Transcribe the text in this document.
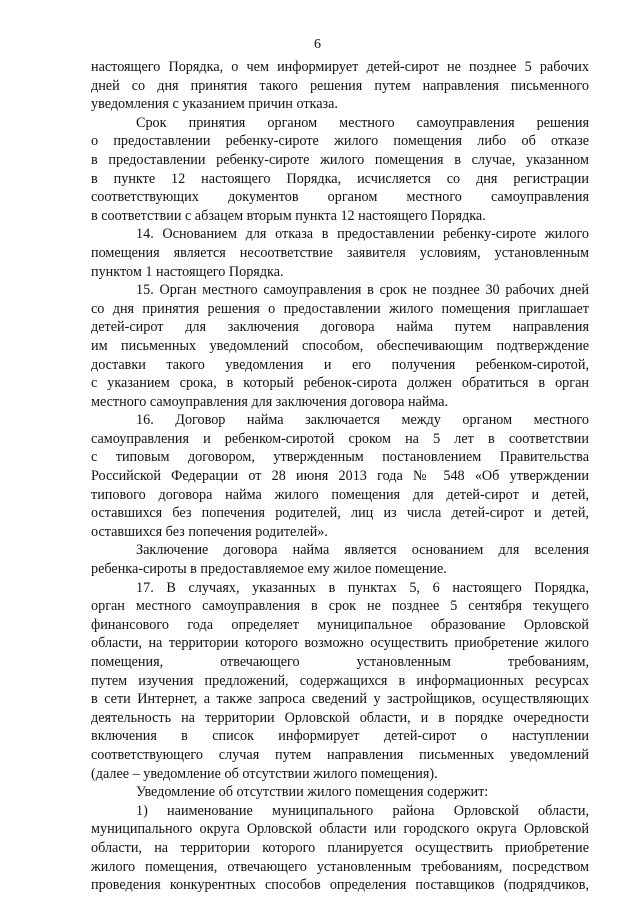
6

настоящего Порядка, о чем информирует детей-сирот не позднее 5 рабочих

дней со дня принятия такого решения путем направления письменного

уведомления с указанием причин отказа.

Срок принятия органом местного самоуправления решения

о предоставлении ребенку-сироте жилого помещения либо об отказе

в предоставлении ребенку-сироте жилого помещения в случае, указанном

в пункте 12 настоящего Порядка, исчисляется со дня регистрации

соответствующих документов органом местного самоуправления

в соответствии с абзацем вторым пункта 12 настоящего Порядка.

14. Основанием для отказа в предоставлении ребенку-сироте жилого

помещения является несоответствие заявителя условиям, установленным

пунктом 1 настоящего Порядка.

15. Орган местного самоуправления в срок не позднее 30 рабочих дней

со дня принятия решения о предоставлении жилого помещения приглашает

детей-сирот для заключения договора найма путем направления

им письменных уведомлений способом, обеспечивающим подтверждение

доставки такого уведомления и его получения ребенком-сиротой,

с указанием срока, в который ребенок-сирота должен обратиться в орган

местного самоуправления для заключения договора найма.

16. Договор найма заключается между органом местного

самоуправления и ребенком-сиротой сроком на 5 лет в соответствии

с типовым договором, утвержденным постановлением Правительства

Российской Федерации от 28 июня 2013 года № 548 «Об утверждении

типового договора найма жилого помещения для детей-сирот и детей,

оставшихся без попечения родителей, лиц из числа детей-сирот и детей,

оставшихся без попечения родителей».

Заключение договора найма является основанием для вселения

ребенка-сироты в предоставляемое ему жилое помещение.

17. В случаях, указанных в пунктах 5, 6 настоящего Порядка,

орган местного самоуправления в срок не позднее 5 сентября текущего

финансового года определяет муниципальное образование Орловской

области, на территории которого возможно осуществить приобретение жилого

помещения, отвечающего установленным требованиям,

путем изучения предложений, содержащихся в информационных ресурсах

в сети Интернет, а также запроса сведений у застройщиков, осуществляющих

деятельность на территории Орловской области, и в порядке очередности

включения в список информирует детей-сирот о наступлении

соответствующего случая путем направления письменных уведомлений

(далее – уведомление об отсутствии жилого помещения).

Уведомление об отсутствии жилого помещения содержит:

1) наименование муниципального района Орловской области,

муниципального округа Орловской области или городского округа Орловской

области, на территории которого планируется осуществить приобретение

жилого помещения, отвечающего установленным требованиям, посредством

проведения конкурентных способов определения поставщиков (подрядчиков,
